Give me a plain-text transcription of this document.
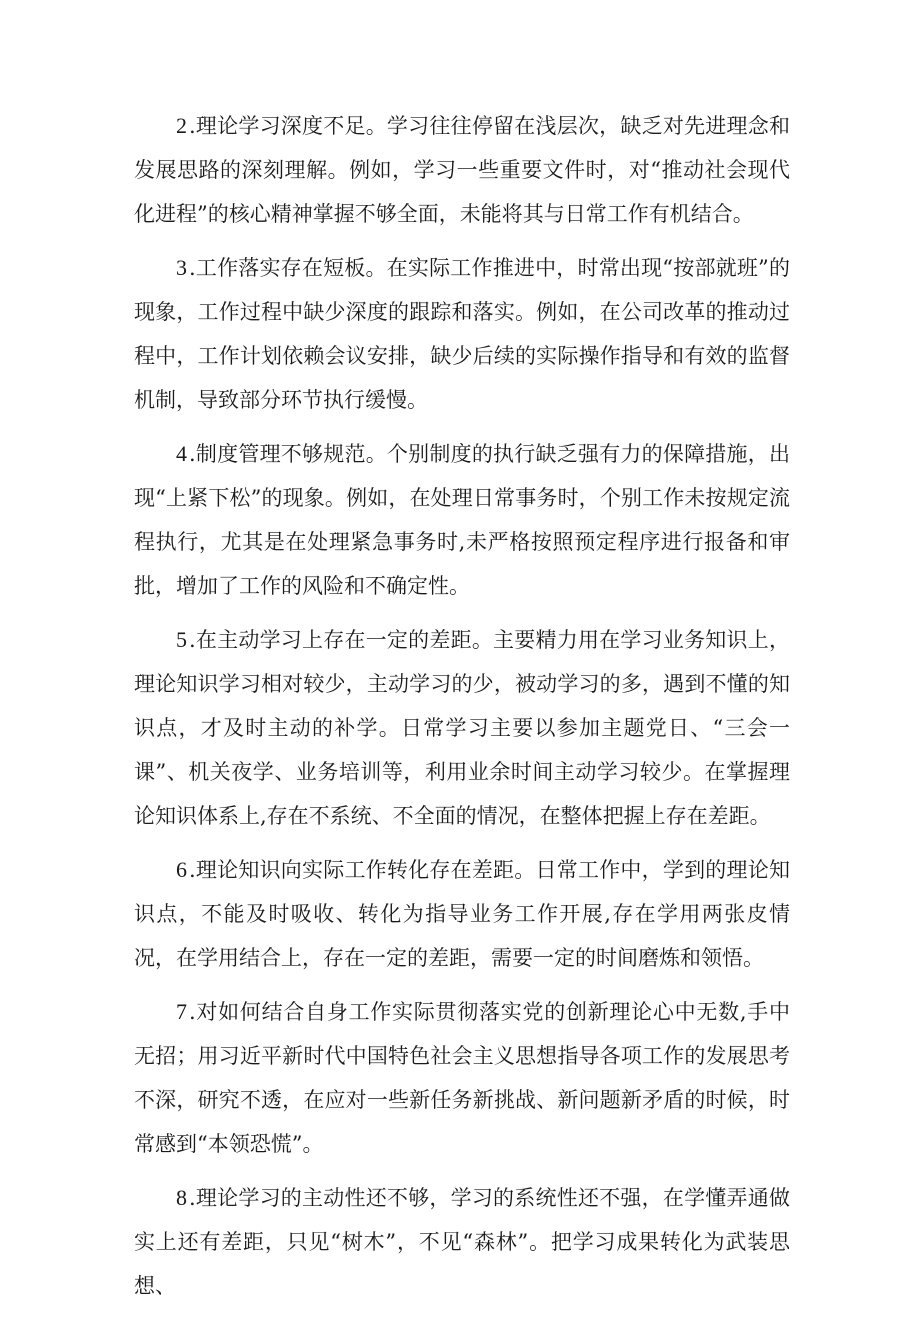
2.理论学习深度不足。学习往往停留在浅层次，缺乏对先进理念和发展思路的深刻理解。例如，学习一些重要文件时，对“推动社会现代化进程”的核心精神掌握不够全面，未能将其与日常工作有机结合。

3.工作落实存在短板。在实际工作推进中，时常出现“按部就班”的现象，工作过程中缺少深度的跟踪和落实。例如，在公司改革的推动过程中，工作计划依赖会议安排，缺少后续的实际操作指导和有效的监督机制，导致部分环节执行缓慢。

4.制度管理不够规范。个别制度的执行缺乏强有力的保障措施，出现“上紧下松”的现象。例如，在处理日常事务时，个别工作未按规定流程执行，尤其是在处理紧急事务时,未严格按照预定程序进行报备和审批，增加了工作的风险和不确定性。

5.在主动学习上存在一定的差距。主要精力用在学习业务知识上，理论知识学习相对较少，主动学习的少，被动学习的多，遇到不懂的知识点，才及时主动的补学。日常学习主要以参加主题党日、“三会一课”、机关夜学、业务培训等，利用业余时间主动学习较少。在掌握理论知识体系上,存在不系统、不全面的情况，在整体把握上存在差距。

6.理论知识向实际工作转化存在差距。日常工作中，学到的理论知识点，不能及时吸收、转化为指导业务工作开展,存在学用两张皮情况，在学用结合上，存在一定的差距，需要一定的时间磨炼和领悟。

7.对如何结合自身工作实际贯彻落实党的创新理论心中无数,手中无招；用习近平新时代中国特色社会主义思想指导各项工作的发展思考不深，研究不透，在应对一些新任务新挑战、新问题新矛盾的时候，时常感到“本领恐慌”。

8.理论学习的主动性还不够，学习的系统性还不强，在学懂弄通做实上还有差距，只见“树木”，不见“森林”。把学习成果转化为武装思想、
